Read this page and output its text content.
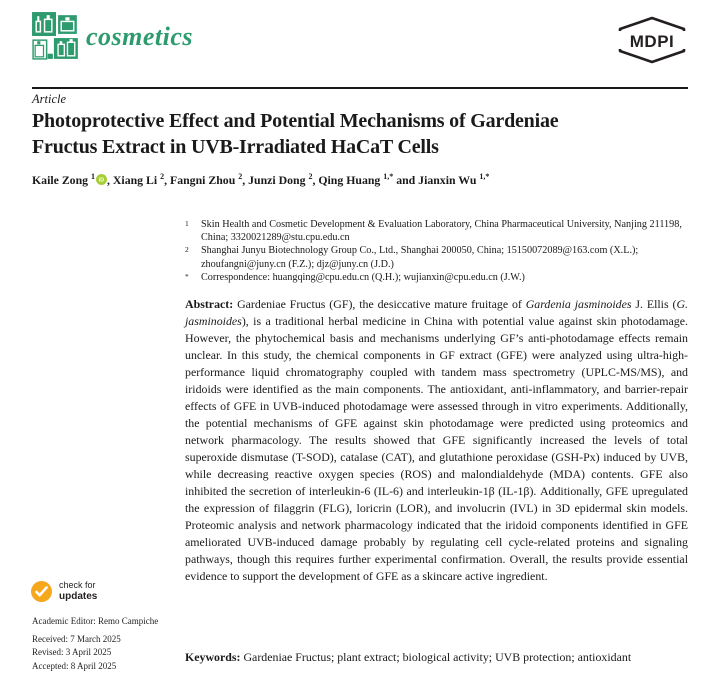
cosmetics	MDPI
Article
Photoprotective Effect and Potential Mechanisms of Gardeniae
Fructus Extract in UVB-Irradiated HaCaT Cells
Kaile Zong $^1$ iD , Xiang Li $^2$, Fangni Zhou $^2$, Junzi Dong $^2$, Qing Huang $^{1,*}$ and Jianxin Wu $^{1,*}$
1 Skin Health and Cosmetic Development & Evaluation Laboratory, China Pharmaceutical University, Nanjing 211198, China; 3320021289@stu.cpu.edu.cn
2 Shanghai Junyu Biotechnology Group Co., Ltd., Shanghai 200050, China; 15150072089@163.com (X.L.); zhoufangni@juny.cn (F.Z.); djz@juny.cn (J.D.)
* Correspondence: huangqing@cpu.edu.cn (Q.H.); wujianxin@cpu.edu.cn (J.W.)

Abstract: Gardeniae Fructus (GF), the desiccative mature fruitage of Gardenia jasminoides J. Ellis (G. jasminoides), is a traditional herbal medicine in China with potential value against skin photodamage. However, the phytochemical basis and mechanisms underlying GF’s anti-photodamage effects remain unclear. In this study, the chemical components in GF extract (GFE) were analyzed using ultra-high-performance liquid chromatography coupled with tandem mass spectrometry (UPLC-MS/MS), and iridoids were identified as the main components. The antioxidant, anti-inflammatory, and barrier-repair effects of GFE in UVB-induced photodamage were assessed through in vitro experiments. Additionally, the potential mechanisms of GFE against skin photodamage were predicted using proteomics and network pharmacology. The results showed that GFE significantly increased the levels of total superoxide dismutase (T-SOD), catalase (CAT), and glutathione peroxidase (GSH-Px) induced by UVB, while decreasing reactive oxygen species (ROS) and malondialdehyde (MDA) contents. GFE also inhibited the secretion of interleukin-6 (IL-6) and interleukin-1β (IL-1β). Additionally, GFE upregulated the expression of filaggrin (FLG), loricrin (LOR), and involucrin (IVL) in 3D epidermal skin models. Proteomic analysis and network pharmacology indicated that the iridoid components identified in GFE ameliorated UVB-induced damage probably by regulating cell cycle-related proteins and signaling pathways, though this requires further experimental confirmation. Overall, the results provide essential evidence to support the development of GFE as a skincare active ingredient.

Keywords: Gardeniae Fructus; plant extract; biological activity; UVB protection; antioxidant

check for
updates
Academic Editor: Remo Campiche
Received: 7 March 2025
Revised: 3 April 2025
Accepted: 8 April 2025
